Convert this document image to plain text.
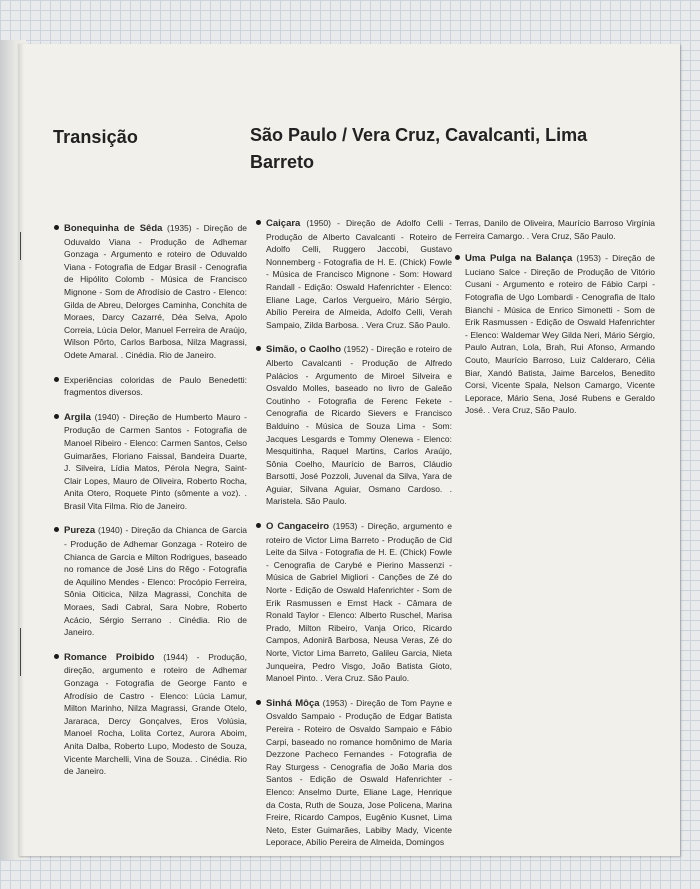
Transição	São Paulo / Vera Cruz, Cavalcanti, Lima Barreto
Bonequinha de Sêda (1935) - Direção de Oduvaldo Viana - Produção de Adhemar Gonzaga - Argumento e roteiro de Oduvaldo Viana - Fotografia de Edgar Brasil - Cenografia de Hipólito Colomb - Música de Francisco Mignone - Som de Afrodísio de Castro - Elenco: Gilda de Abreu, Delorges Caminha, Conchita de Moraes, Darcy Cazarré, Déa Selva, Apolo Correia, Lúcia Delor, Manuel Ferreira de Araújo, Wilson Pôrto, Carlos Barbosa, Nilza Magrassi, Odete Amaral. . Cinédia. Rio de Janeiro.
Experiências coloridas de Paulo Benedetti: fragmentos diversos.
Argila (1940) - Direção de Humberto Mauro - Produção de Carmen Santos - Fotografia de Manoel Ribeiro - Elenco: Carmen Santos, Celso Guimarães, Floriano Faissal, Bandeira Duarte, J. Silveira, Lídia Matos, Pérola Negra, Saint-Clair Lopes, Mauro de Oliveira, Roberto Rocha, Anita Otero, Roquete Pinto (sômente a voz). . Brasil Vita Filma. Rio de Janeiro.
Pureza (1940) - Direção da Chianca de Garcia - Produção de Adhemar Gonzaga - Roteiro de Chianca de Garcia e Milton Rodrigues, baseado no romance de José Lins do Rêgo - Fotografia de Aquilino Mendes - Elenco: Procópio Ferreira, Sônia Oiticica, Nilza Magrassi, Conchita de Moraes, Sadi Cabral, Sara Nobre, Roberto Acácio, Sérgio Serrano . Cinédia. Rio de Janeiro.
Romance Proibido (1944) - Produção, direção, argumento e roteiro de Adhemar Gonzaga - Fotografia de George Fanto e Afrodísio de Castro - Elenco: Lúcia Lamur, Milton Marinho, Nilza Magrassi, Grande Otelo, Jararaca, Dercy Gonçalves, Eros Volúsia, Manoel Rocha, Lolita Cortez, Aurora Aboim, Anita Dalba, Roberto Lupo, Modesto de Souza, Vicente Marchelli, Vina de Souza. . Cinédia. Rio de Janeiro.
Caiçara (1950) - Direção de Adolfo Celli - Produção de Alberto Cavalcanti - Roteiro de Adolfo Celli, Ruggero Jaccobi, Gustavo Nonnemberg - Fotografia de H. E. (Chick) Fowle - Música de Francisco Mignone - Som: Howard Randall - Edição: Oswald Hafenrichter - Elenco: Eliane Lage, Carlos Vergueiro, Mário Sérgio, Abílio Pereira de Almeida, Adolfo Celli, Verah Sampaio, Zilda Barbosa. . Vera Cruz. São Paulo.
Simão, o Caolho (1952) - Direção e roteiro de Alberto Cavalcanti - Produção de Alfredo Palácios - Argumento de Miroel Silveira e Osvaldo Molles, baseado no livro de Galeão Coutinho - Fotografia de Ferenc Fekete - Cenografia de Ricardo Sievers e Francisco Balduino - Música de Souza Lima - Som: Jacques Lesgards e Tommy Olenewa - Elenco: Mesquitinha, Raquel Martins, Carlos Araújo, Sônia Coelho, Maurício de Barros, Cláudio Barsotti, José Pozzoli, Juvenal da Silva, Yara de Aguiar, Silvana Aguiar, Osmano Cardoso. . Maristela. São Paulo.
O Cangaceiro (1953) - Direção, argumento e roteiro de Victor Lima Barreto - Produção de Cid Leite da Silva - Fotografia de H. E. (Chick) Fowle - Cenografia de Carybé e Pierino Massenzi - Música de Gabriel Migliori - Canções de Zé do Norte - Edição de Oswald Hafenrichter - Som de Erik Rasmussen e Ernst Hack - Câmara de Ronald Taylor - Elenco: Alberto Ruschel, Marisa Prado, Milton Ribeiro, Vanja Orico, Ricardo Campos, Adoniră Barbosa, Neusa Veras, Zé do Norte, Victor Lima Barreto, Galileu Garcia, Nieta Junqueira, Pedro Visgo, João Batista Gioto, Manoel Pinto. . Vera Cruz. São Paulo.
Sinhá Môça (1953) - Direção de Tom Payne e Osvaldo Sampaio - Produção de Edgar Batista Pereira - Roteiro de Osvaldo Sampaio e Fábio Carpi, baseado no romance homônimo de Maria Dezzone Pacheco Fernandes - Fotografia de Ray Sturgess - Cenografia de João Maria dos Santos - Edição de Oswald Hafenrichter - Elenco: Anselmo Durte, Eliane Lage, Henrique da Costa, Ruth de Souza, Jose Policena, Marina Freire, Ricardo Campos, Eugênio Kusnet, Lima Neto, Ester Guimarães, Labiby Mady, Vicente Leporace, Abílio Pereira de Almeida, Domingos
Terras, Danilo de Oliveira, Maurício Barroso Virgínia Ferreira Camargo. . Vera Cruz, São Paulo.
Uma Pulga na Balança (1953) - Direção de Luciano Salce - Direção de Produção de Vitório Cusani - Argumento e roteiro de Fábio Carpi - Fotografia de Ugo Lombardi - Cenografia de Italo Bianchi - Música de Enrico Simonetti - Som de Erik Rasmussen - Edição de Oswald Hafenrichter - Elenco: Waldemar Wey Gilda Neri, Mário Sérgio, Paulo Autran, Lola, Brah, Rui Afonso, Armando Couto, Maurício Barroso, Luiz Calderaro, Célia Biar, Xandó Batista, Jaime Barcelos, Benedito Corsi, Vicente Spala, Nelson Camargo, Vicente Leporace, Mário Sena, José Rubens e Geraldo José. . Vera Cruz, São Paulo.
